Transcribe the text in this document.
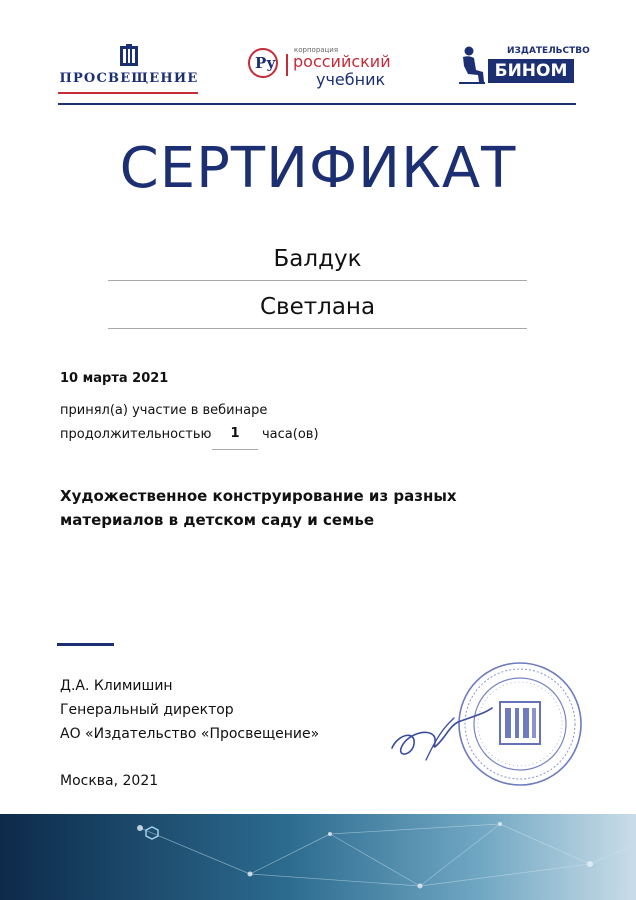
ПРОСВЕЩЕНИЕ
Ру
корпорация
российский
учебник
ИЗДАТЕЛЬСТВО
БИНОМ
СЕРТИФИКАТ
Балдук
Светлана
10 марта 2021
принял(а) участие в вебинаре
продолжительностью	1	часа(ов)
Художественное конструирование из разных материалов в детском саду и семье
Д.А. Климишин
Генеральный директор
АО «Издательство «Просвещение»
Москва, 2021
